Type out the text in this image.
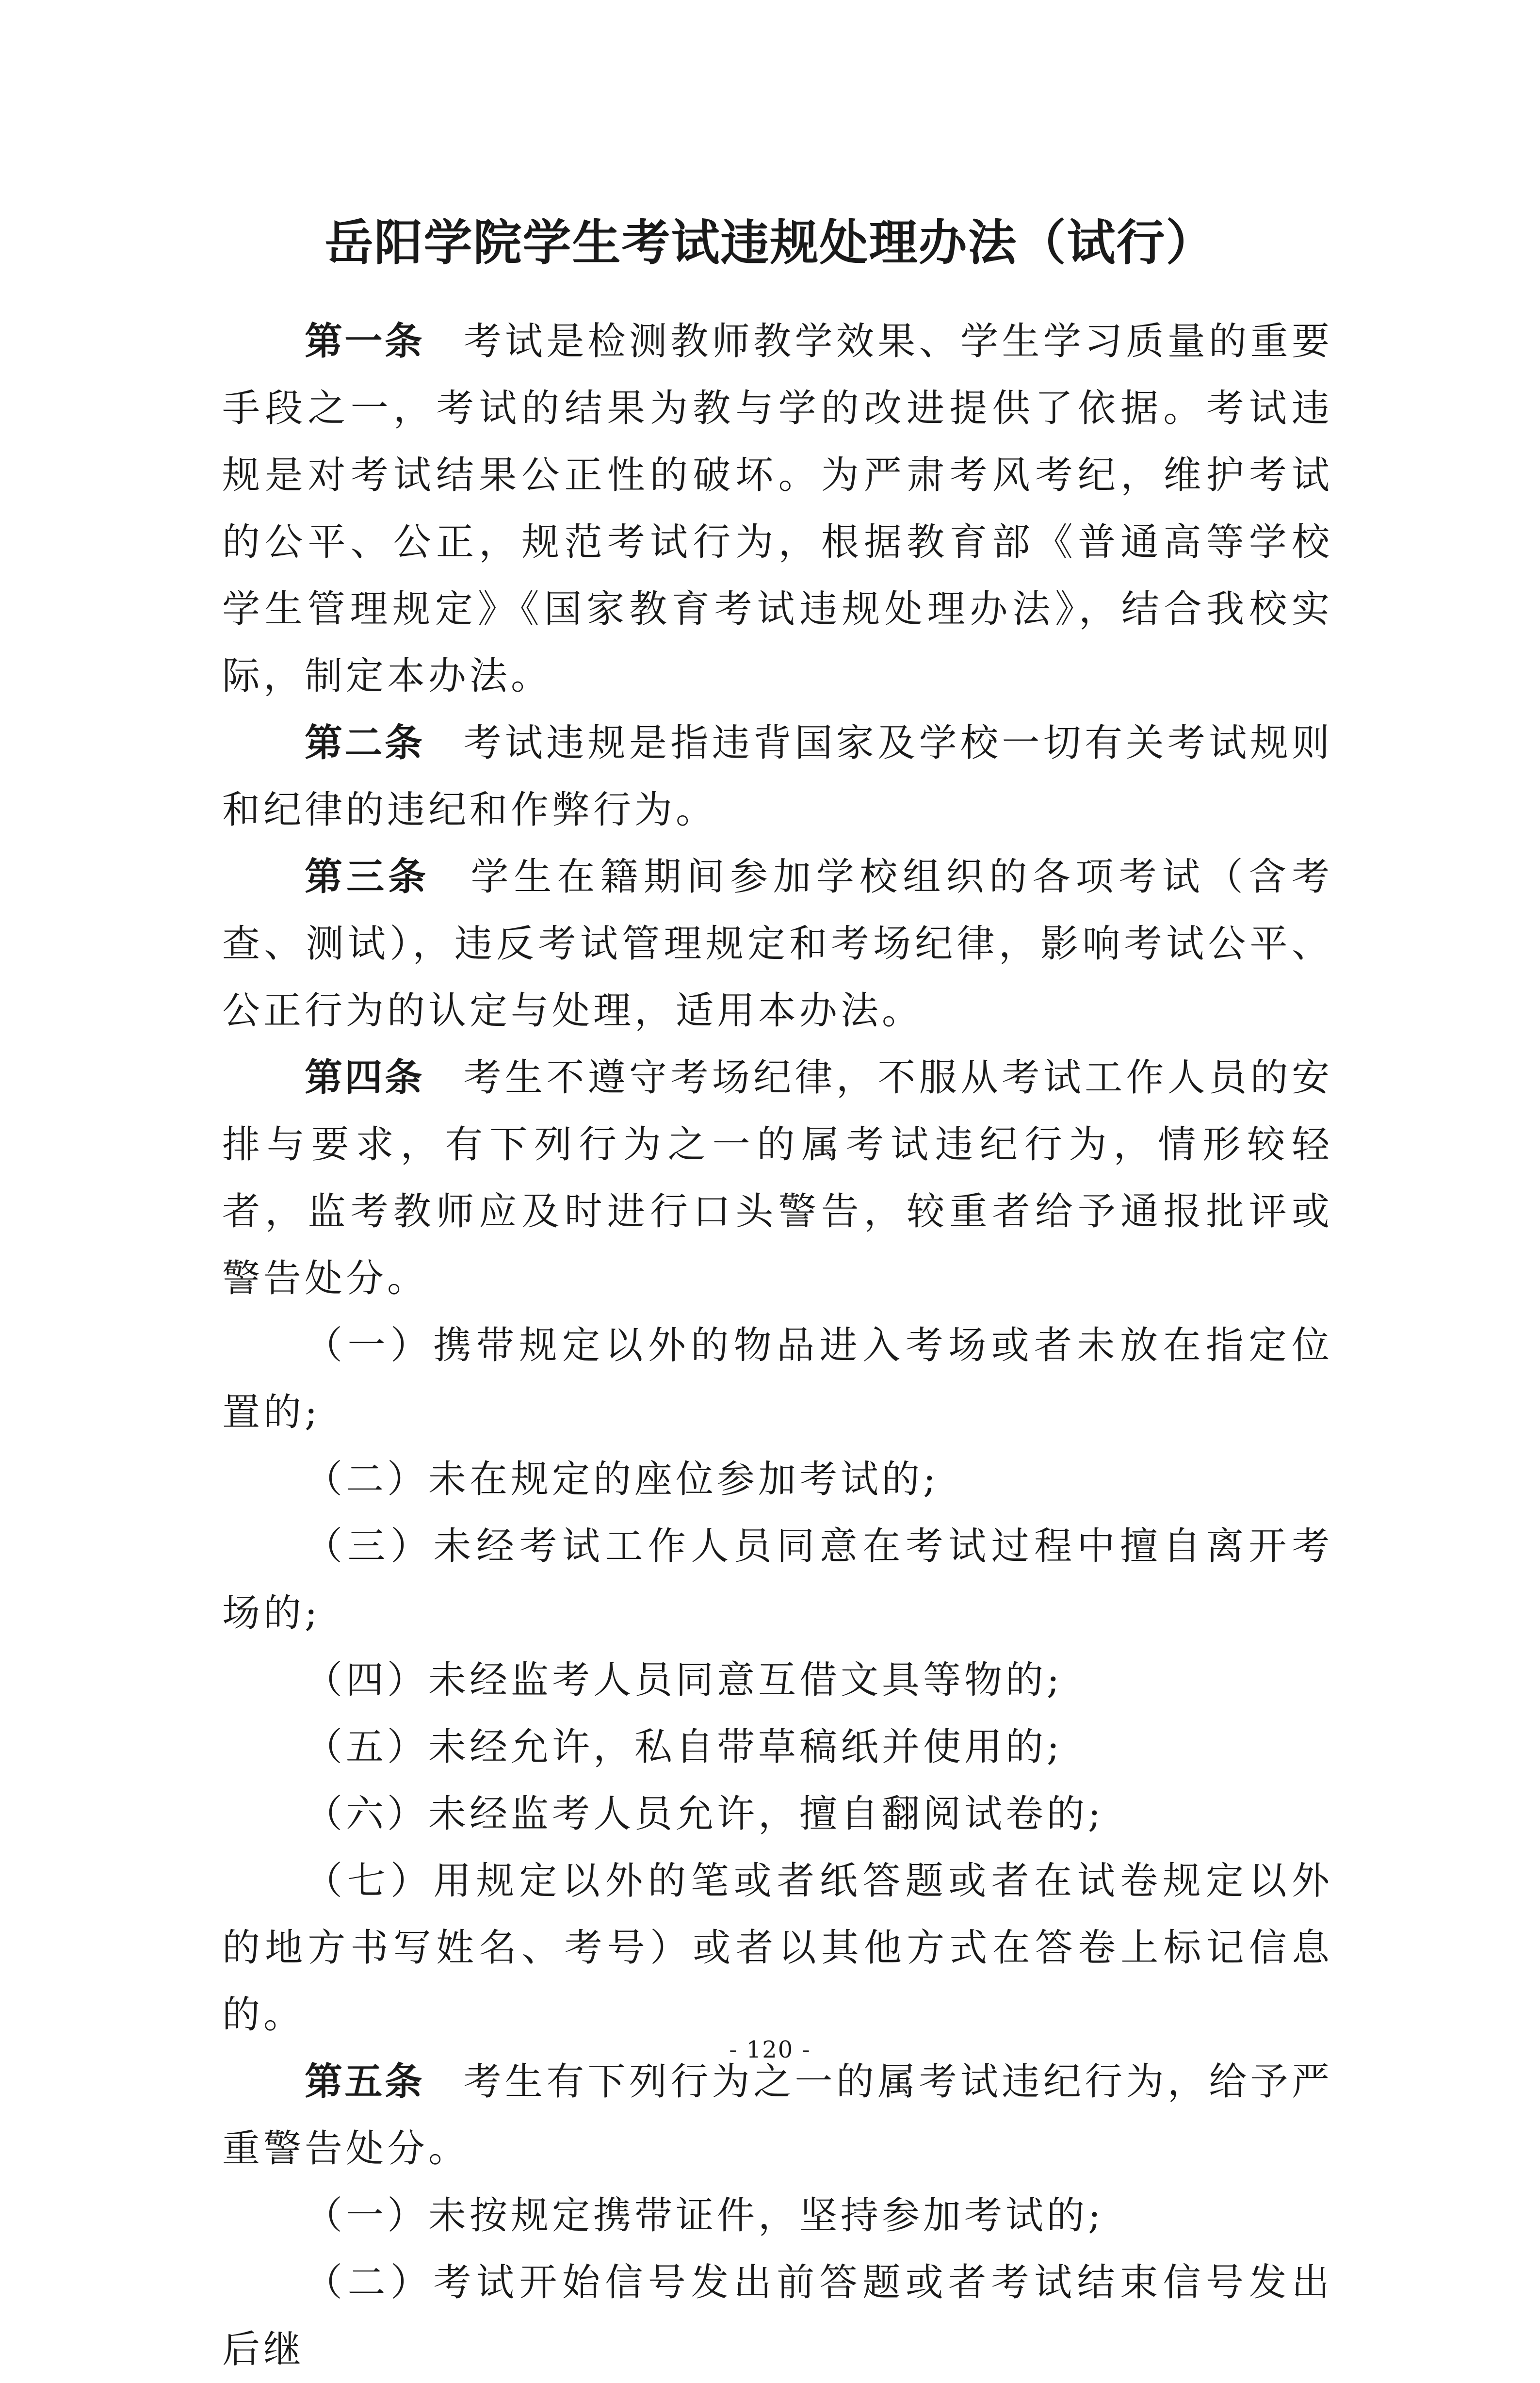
岳阳学院学生考试违规处理办法（试行）

第一条 考试是检测教师教学效果、学生学习质量的重要手段之一，考试的结果为教与学的改进提供了依据。考试违规是对考试结果公正性的破坏。为严肃考风考纪，维护考试的公平、公正，规范考试行为，根据教育部《普通高等学校学生管理规定》《国家教育考试违规处理办法》，结合我校实际，制定本办法。

第二条 考试违规是指违背国家及学校一切有关考试规则和纪律的违纪和作弊行为。

第三条 学生在籍期间参加学校组织的各项考试（含考查、测试），违反考试管理规定和考场纪律，影响考试公平、公正行为的认定与处理，适用本办法。

第四条 考生不遵守考场纪律，不服从考试工作人员的安排与要求，有下列行为之一的属考试违纪行为，情形较轻者，监考教师应及时进行口头警告，较重者给予通报批评或警告处分。

（一）携带规定以外的物品进入考场或者未放在指定位置的;

（二）未在规定的座位参加考试的;

（三）未经考试工作人员同意在考试过程中擅自离开考场的;

（四）未经监考人员同意互借文具等物的;

（五）未经允许，私自带草稿纸并使用的;

（六）未经监考人员允许，擅自翻阅试卷的;

（七）用规定以外的笔或者纸答题或者在试卷规定以外的地方书写姓名、考号）或者以其他方式在答卷上标记信息的。

第五条 考生有下列行为之一的属考试违纪行为，给予严重警告处分。

（一）未按规定携带证件，坚持参加考试的;

（二）考试开始信号发出前答题或者考试结束信号发出后继

- 120 -
